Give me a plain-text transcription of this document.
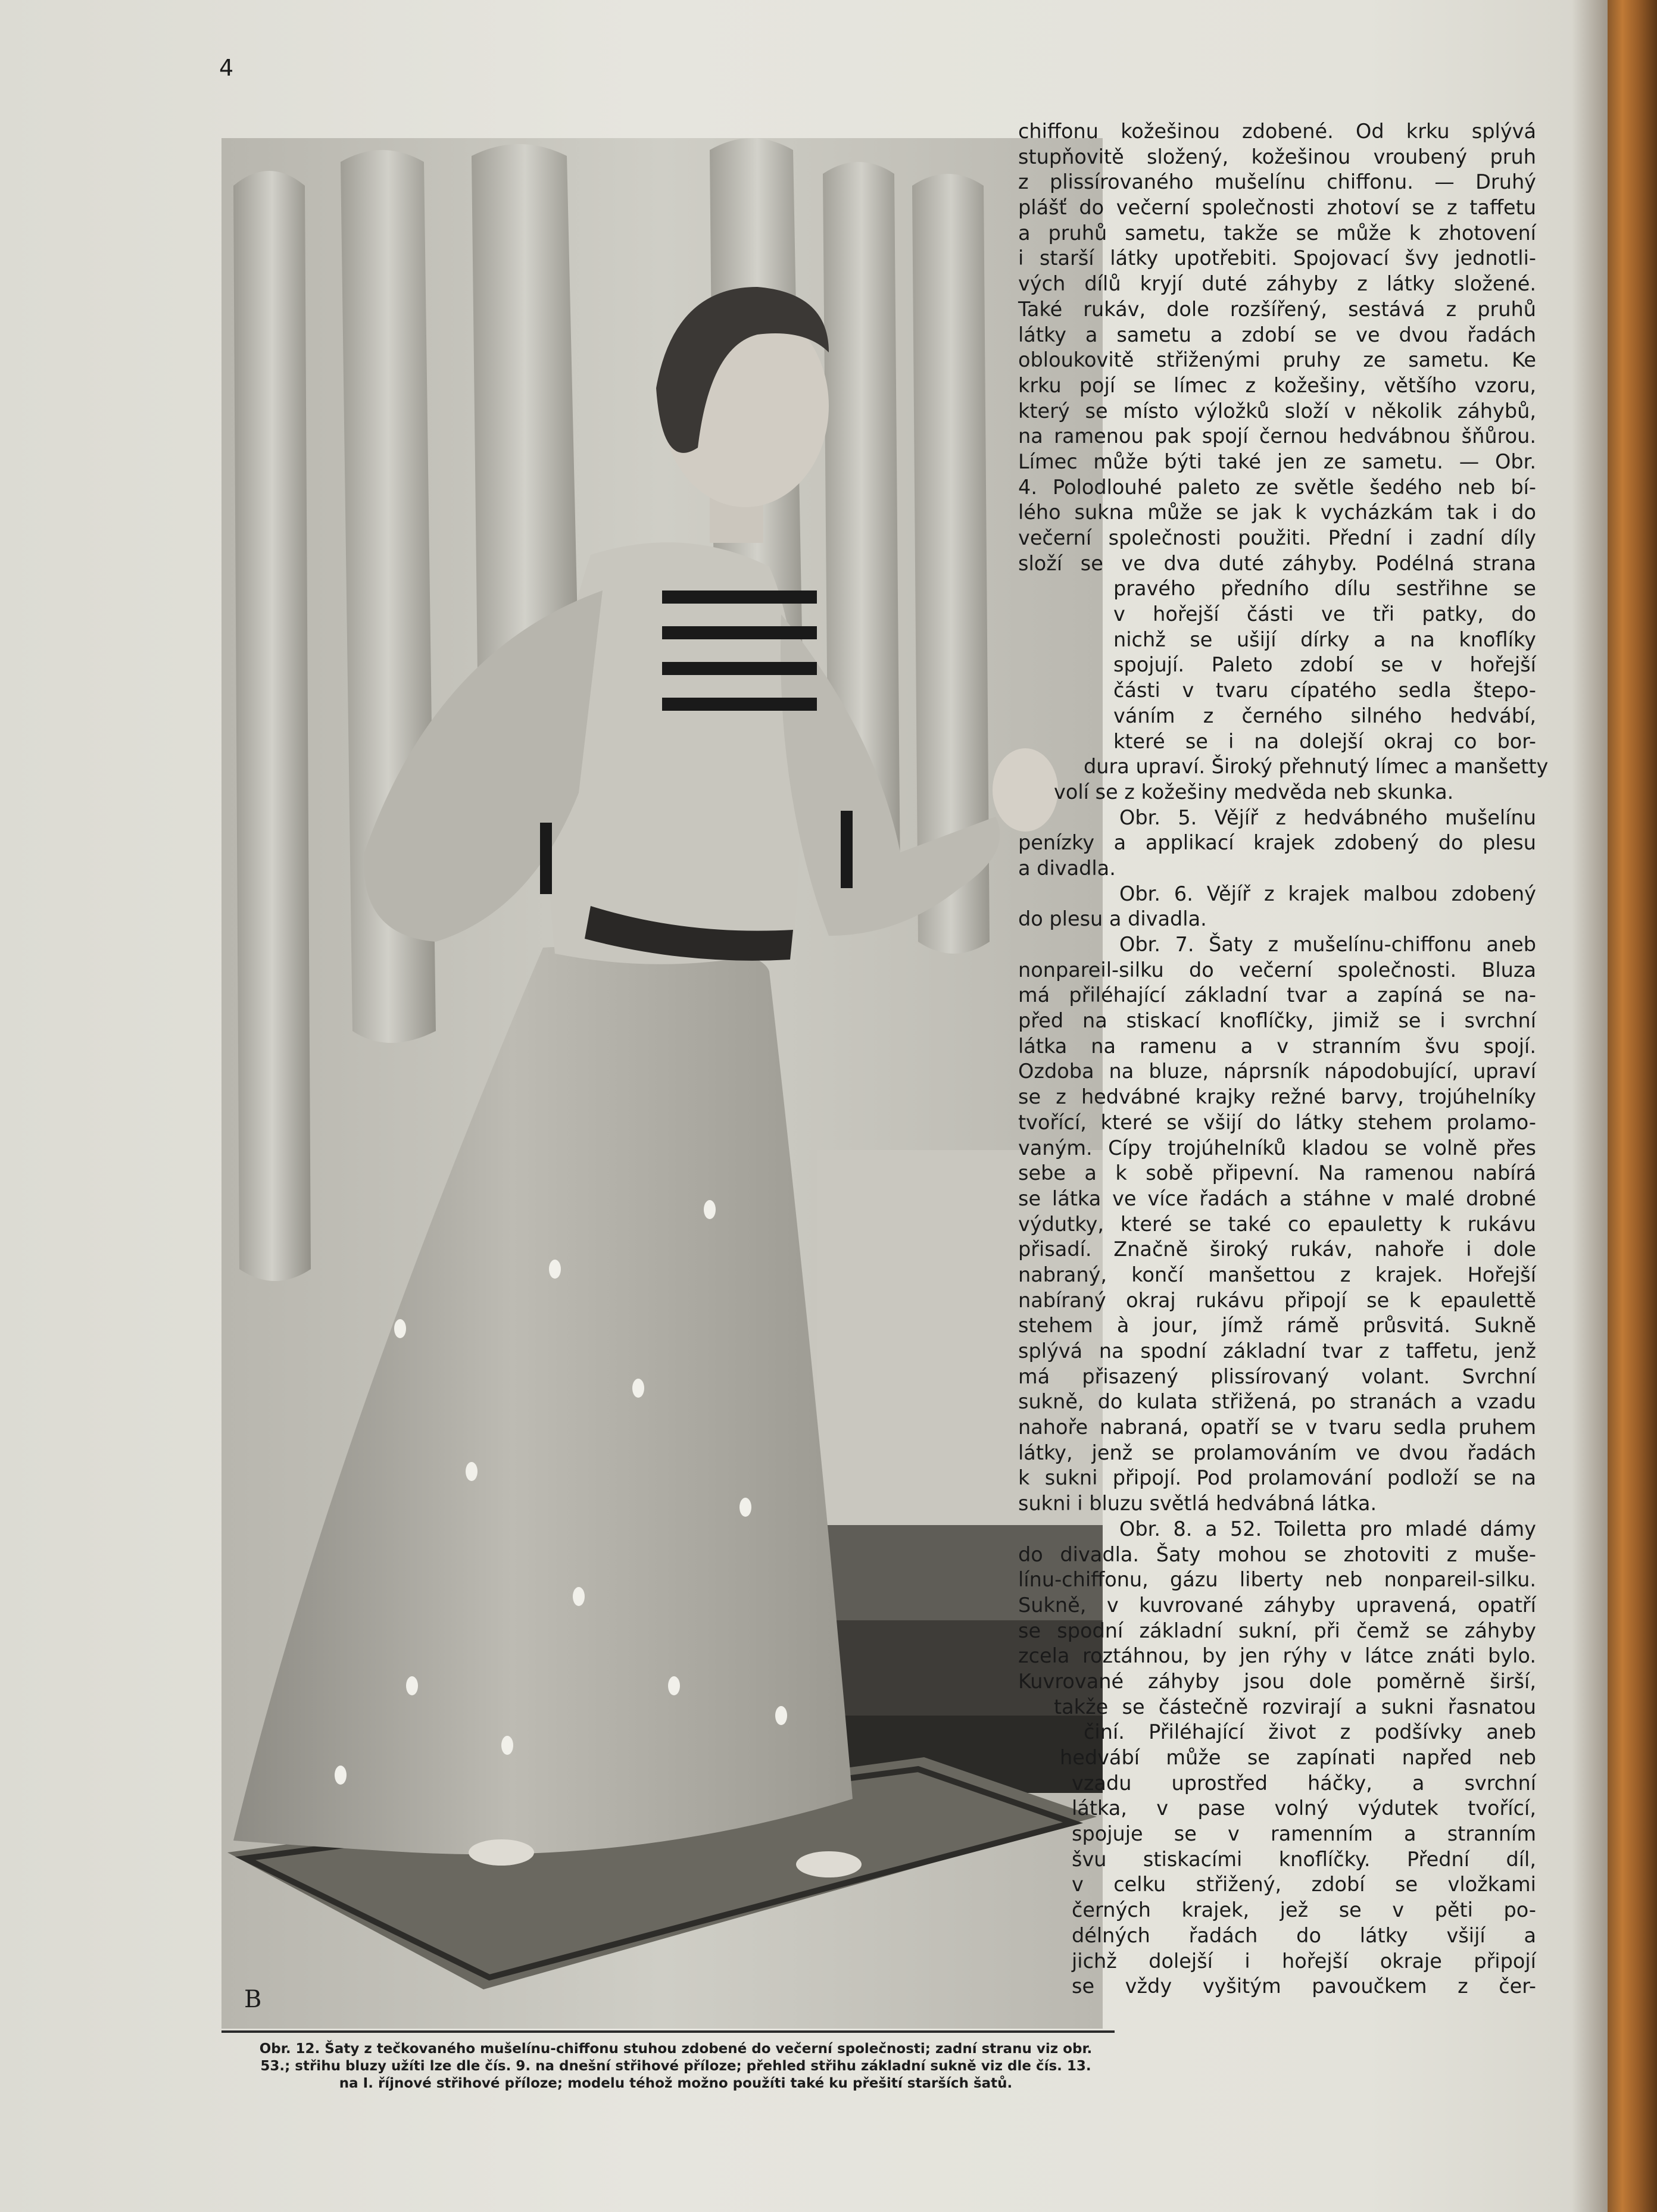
4
B
Obr. 12. Šaty z tečkovaného mušelínu-chiffonu stuhou zdobené do večerní společnosti; zadní stranu viz obr.
53.; střihu bluzy užíti lze dle čís. 9. na dnešní střihové příloze; přehled střihu základní sukně viz dle čís. 13.
na I. říjnové střihové příloze; modelu téhož možno použíti také ku přešití starších šatů.
chiffonu kožešinou zdobené. Od krku splývá
stupňovitě složený, kožešinou vroubený pruh
z plissírovaného mušelínu chiffonu. — Druhý
plášť do večerní společnosti zhotoví se z taffetu
a pruhů sametu, takže se může k zhotovení
i starší látky upotřebiti. Spojovací švy jednotli-
vých dílů kryjí duté záhyby z látky složené.
Také rukáv, dole rozšířený, sestává z pruhů
látky a sametu a zdobí se ve dvou řadách
obloukovitě střiženými pruhy ze sametu. Ke
krku pojí se límec z kožešiny, většího vzoru,
který se místo výložků složí v několik záhybů,
na ramenou pak spojí černou hedvábnou šňůrou.
Límec může býti také jen ze sametu. — Obr.
4. Polodlouhé paleto ze světle šedého neb bí-
lého sukna může se jak k vycházkám tak i do
večerní společnosti použiti. Přední i zadní díly
složí se ve dva duté záhyby. Podélná strana
pravého předního dílu sestřihne se
v hořejší části ve tři patky, do
nichž se ušijí dírky a na knoflíky
spojují. Paleto zdobí se v hořejší
části v tvaru cípatého sedla štepo-
váním z černého silného hedvábí,
které se i na dolejší okraj co bor-
dura upraví. Široký přehnutý límec a manšetty
volí se z kožešiny medvěda neb skunka.
Obr. 5. Vějíř z hedvábného mušelínu
penízky a applikací krajek zdobený do plesu
a divadla.
Obr. 6. Vějíř z krajek malbou zdobený
do plesu a divadla.
Obr. 7. Šaty z mušelínu-chiffonu aneb
nonpareil-silku do večerní společnosti. Bluza
má přiléhající základní tvar a zapíná se na-
před na stiskací knoflíčky, jimiž se i svrchní
látka na ramenu a v stranním švu spojí.
Ozdoba na bluze, náprsník nápodobující, upraví
se z hedvábné krajky režné barvy, trojúhelníky
tvořící, které se všijí do látky stehem prolamo-
vaným. Cípy trojúhelníků kladou se volně přes
sebe a k sobě připevní. Na ramenou nabírá
se látka ve více řadách a stáhne v malé drobné
výdutky, které se také co epauletty k rukávu
přisadí. Značně široký rukáv, nahoře i dole
nabraný, končí manšettou z krajek. Hořejší
nabíraný okraj rukávu připojí se k epaulettě
stehem à jour, jímž rámě průsvitá. Sukně
splývá na spodní základní tvar z taffetu, jenž
má přisazený plissírovaný volant. Svrchní
sukně, do kulata střižená, po stranách a vzadu
nahoře nabraná, opatří se v tvaru sedla pruhem
látky, jenž se prolamováním ve dvou řadách
k sukni připojí. Pod prolamování podloží se na
sukni i bluzu světlá hedvábná látka.
Obr. 8. a 52. Toiletta pro mladé dámy
do divadla. Šaty mohou se zhotoviti z muše-
línu-chiffonu, gázu liberty neb nonpareil-silku.
Sukně, v kuvrované záhyby upravená, opatří
se spodní základní sukní, při čemž se záhyby
zcela roztáhnou, by jen rýhy v látce znáti bylo.
Kuvrované záhyby jsou dole poměrně širší,
takže se částečně rozvirají a sukni řasnatou
činí. Přiléhající život z podšívky aneb
hedvábí může se zapínati napřed neb
vzadu uprostřed háčky, a svrchní
látka, v pase volný výdutek tvořící,
spojuje se v ramenním a stranním
švu stiskacími knoflíčky. Přední díl,
v celku střižený, zdobí se vložkami
černých krajek, jež se v pěti po-
délných řadách do látky všijí a
jichž dolejší i hořejší okraje připojí
se vždy vyšitým pavoučkem z čer-
